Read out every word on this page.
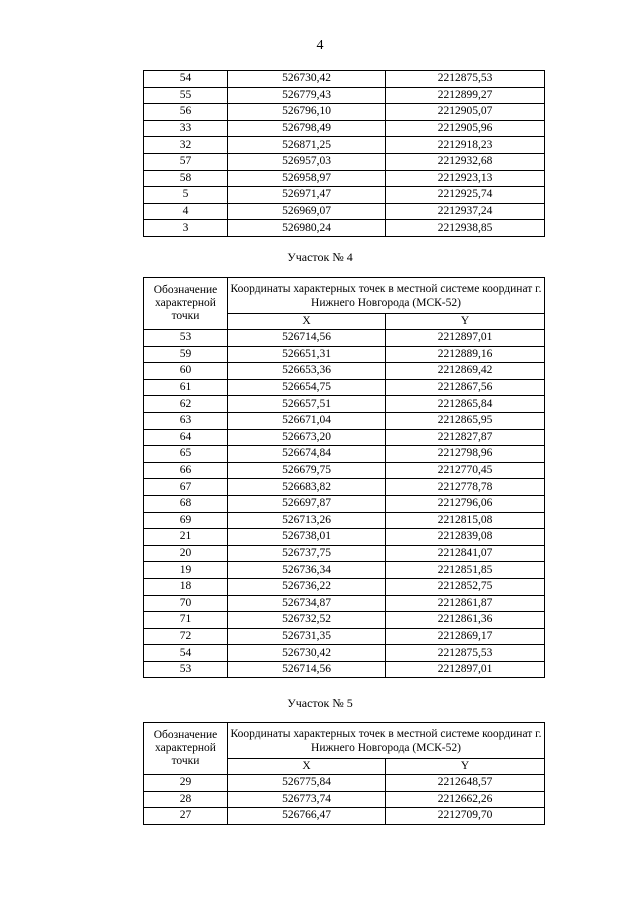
4
54	526730,42	2212875,53
55	526779,43	2212899,27
56	526796,10	2212905,07
33	526798,49	2212905,96
32	526871,25	2212918,23
57	526957,03	2212932,68
58	526958,97	2212923,13
5	526971,47	2212925,74
4	526969,07	2212937,24
3	526980,24	2212938,85
Участок № 4
Обозначение характерной точки	Координаты характерных точек в местной системе координат г. Нижнего Новгорода (МСК-52)	
	X	Y
53	526714,56	2212897,01
59	526651,31	2212889,16
60	526653,36	2212869,42
61	526654,75	2212867,56
62	526657,51	2212865,84
63	526671,04	2212865,95
64	526673,20	2212827,87
65	526674,84	2212798,96
66	526679,75	2212770,45
67	526683,82	2212778,78
68	526697,87	2212796,06
69	526713,26	2212815,08
21	526738,01	2212839,08
20	526737,75	2212841,07
19	526736,34	2212851,85
18	526736,22	2212852,75
70	526734,87	2212861,87
71	526732,52	2212861,36
72	526731,35	2212869,17
54	526730,42	2212875,53
53	526714,56	2212897,01
Участок № 5
Обозначение характерной точки	Координаты характерных точек в местной системе координат г. Нижнего Новгорода (МСК-52)	
	X	Y
29	526775,84	2212648,57
28	526773,74	2212662,26
27	526766,47	2212709,70
